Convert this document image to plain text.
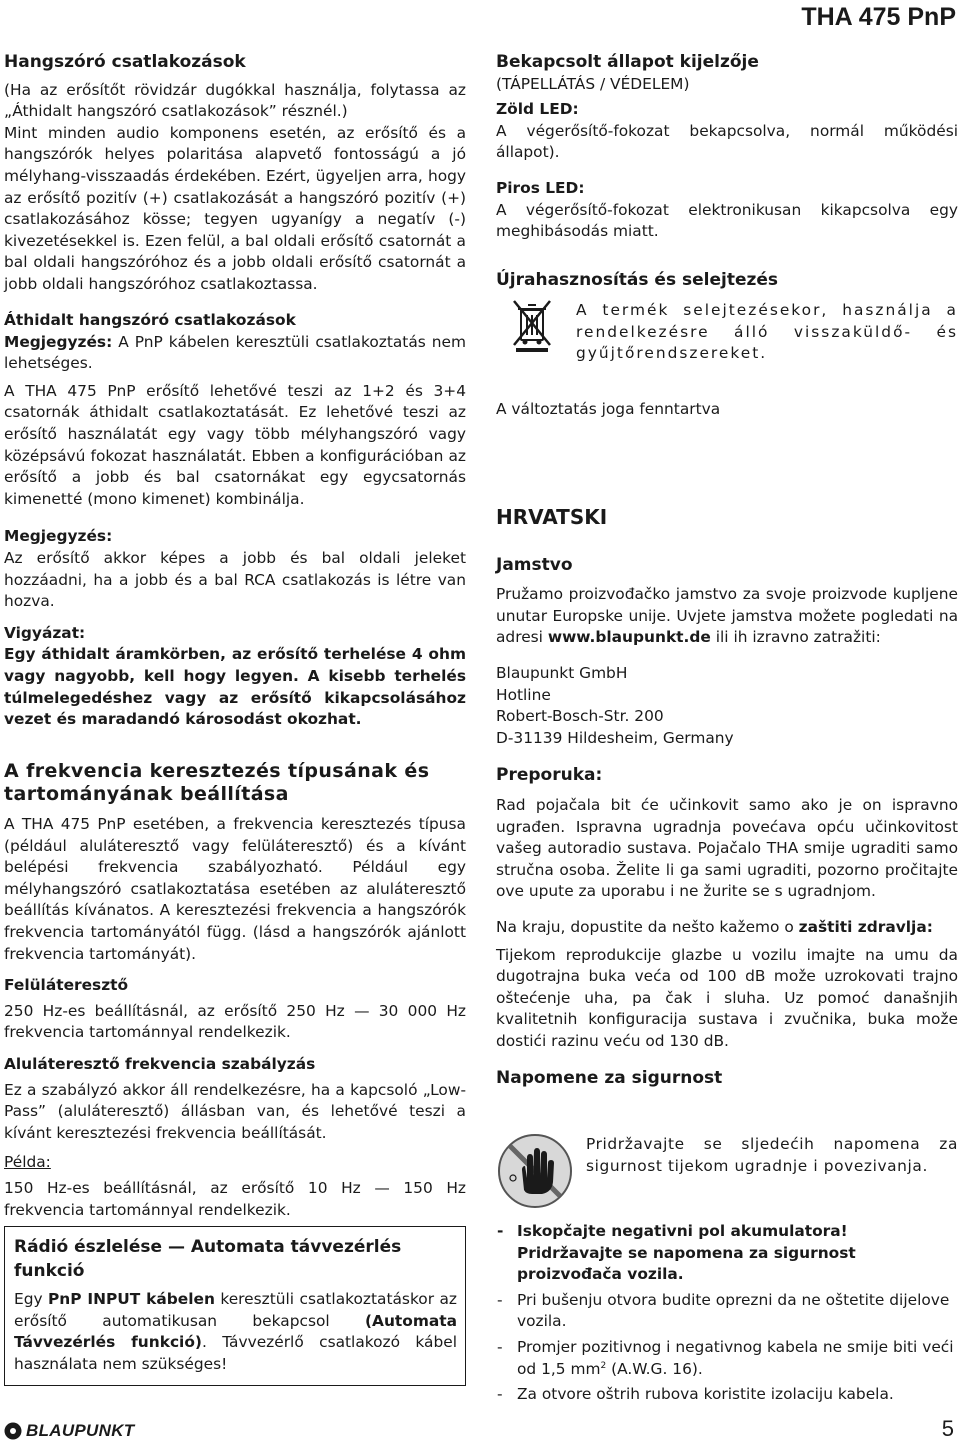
THA 475 PnP

Hangszóró csatlakozások

(Ha az erősítőt rövidzár dugókkal használja, folytassa az „Áthidalt hangszóró csatlakozások” résznél.)

Mint minden audio komponens esetén, az erősítő és a hangszórók helyes polaritása alapvető fontosságú a jó mélyhang-visszaadás érdekében. Ezért, ügyeljen arra, hogy az erősítő pozitív (+) csatlakozását a hangszóró pozitív (+) csatlakozásához kösse; tegyen ugyanígy a negatív (-) kivezetésekkel is. Ezen felül, a bal oldali erősítő csatornát a bal oldali hangszóróhoz és a jobb oldali erősítő csatornát a jobb oldali hangszóróhoz csatlakoztassa.

Áthidalt hangszóró csatlakozások

Megjegyzés: A PnP kábelen keresztüli csatlakoztatás nem lehetséges.

A THA 475 PnP erősítő lehetővé teszi az 1+2 és 3+4 csatornák áthidalt csatlakoztatását. Ez lehetővé teszi az erősítő használatát egy vagy több mélyhangszóró vagy középsávú fokozat használatát. Ebben a konfigurációban az erősítő a jobb és bal csatornákat egy egycsatornás kimenetté (mono kimenet) kombinálja.

Megjegyzés:

Az erősítő akkor képes a jobb és bal oldali jeleket hozzáadni, ha a jobb és a bal RCA csatlakozás is létre van hozva.

Vigyázat:

Egy áthidalt áramkörben, az erősítő terhelése 4 ohm vagy nagyobb, kell hogy legyen. A kisebb terhelés túlmelegedéshez vagy az erősítő kikapcsolásához vezet és maradandó károsodást okozhat.

A frekvencia keresztezés típusának és tartományának beállítása

A THA 475 PnP esetében, a frekvencia keresztezés típusa (például aluláteresztő vagy felüláteresztő) és a kívánt belépési frekvencia szabályozható. Például egy mélyhangszóró csatlakoztatása esetében az aluláteresztő beállítás kívánatos. A keresztezési frekvencia a hangszórók frekvencia tartományától függ. (lásd a hangszórók ajánlott frekvencia tartományát).

Felüláteresztő

250 Hz-es beállításnál, az erősítő 250 Hz — 30 000 Hz frekvencia tartománnyal rendelkezik.

Aluláteresztő frekvencia szabályzás

Ez a szabályzó akkor áll rendelkezésre, ha a kapcsoló „Low-Pass” (aluláteresztő) állásban van, és lehetővé teszi a kívánt keresztezési frekvencia beállítását.

Példa:

150 Hz-es beállításnál, az erősítő 10 Hz — 150 Hz frekvencia tartománnyal rendelkezik.

Rádió észlelése — Automata távvezérlés funkció

Egy PnP INPUT kábelen keresztüli csatlakoztatáskor az erősítő automatikusan bekapcsol (Automata Távvezérlés funkció). Távvezérlő csatlakozó kábel használata nem szükséges!

Bekapcsolt állapot kijelzője

(TÁPELLÁTÁS / VÉDELEM)

Zöld LED:

A végerősítő-fokozat bekapcsolva, normál működési állapot).

Piros LED:

A végerősítő-fokozat elektronikusan kikapcsolva egy meghibásodás miatt.

Újrahasznosítás és selejtezés

A termék selejtezésekor, használja a rendelkezésre álló visszaküldő- és gyűjtőrendszereket.

A változtatás joga fenntartva

HRVATSKI

Jamstvo

Pružamo proizvođačko jamstvo za svoje proizvode kupljene unutar Europske unije. Uvjete jamstva možete pogledati na adresi www.blaupunkt.de ili ih izravno zatražiti:

Blaupunkt GmbH

Hotline

Robert-Bosch-Str. 200

D-31139 Hildesheim, Germany

Preporuka:

Rad pojačala bit će učinkovit samo ako je on ispravno ugrađen. Ispravna ugradnja povećava opću učinkovitost vašeg autoradio sustava. Pojačalo THA smije ugraditi samo stručna osoba. Želite li ga sami ugraditi, pozorno pročitajte ove upute za uporabu i ne žurite se s ugradnjom.

Na kraju, dopustite da nešto kažemo o zaštiti zdravlja:

Tijekom reprodukcije glazbe u vozilu imajte na umu da dugotrajna buka veća od 100 dB može uzrokovati trajno oštećenje uha, pa čak i sluha. Uz pomoć današnjih kvalitetnih konfiguracija sustava i zvučnika, buka može dostići razinu veću od 130 dB.

Napomene za sigurnost

Pridržavajte se sljedećih napomena za sigurnost tijekom ugradnje i povezivanja.

- Iskopčajte negativni pol akumulatora! Pridržavajte se napomena za sigurnost proizvođača vozila.
- Pri bušenju otvora budite oprezni da ne oštetite dijelove vozila.
- Promjer pozitivnog i negativnog kabela ne smije biti veći od 1,5 $mm^2$ (A.W.G. 16).
- Za otvore oštrih rubova koristite izolaciju kabela.
BLAUPUNKT	5
